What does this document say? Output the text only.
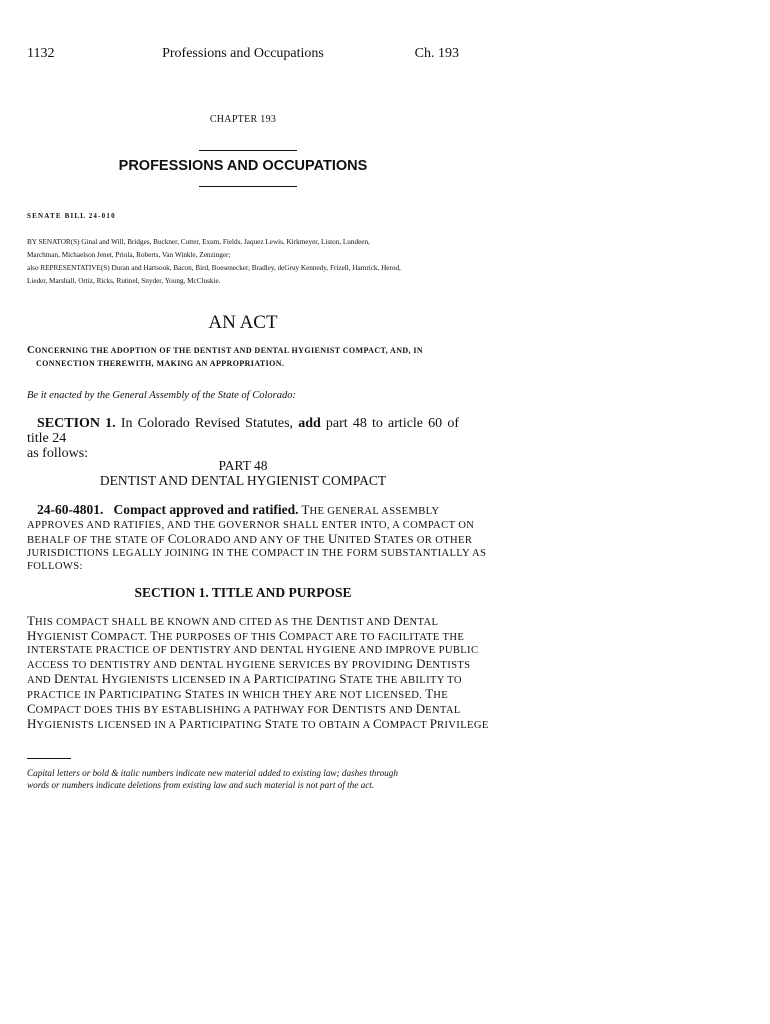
1132	Professions and Occupations	Ch. 193
CHAPTER 193
PROFESSIONS AND OCCUPATIONS
SENATE BILL 24-010
BY SENATOR(S) Ginal and Will, Bridges, Buckner, Cutter, Exum, Fields, Jaquez Lewis, Kirkmeyer, Liston, Lundeen,
Marchman, Michaelson Jenet, Priola, Roberts, Van Winkle, Zenzinger;
also REPRESENTATIVE(S) Duran and Hartsook, Bacon, Bird, Boesenecker, Bradley, deGruy Kennedy, Frizell, Hamrick, Herod,
Lieder, Marshall, Ortiz, Ricks, Rutinel, Snyder, Young, McCluskie.
AN ACT
CONCERNING THE ADOPTION OF THE DENTIST AND DENTAL HYGIENIST COMPACT, AND, IN
CONNECTION THEREWITH, MAKING AN APPROPRIATION.
Be it enacted by the General Assembly of the State of Colorado:
SECTION 1. In Colorado Revised Statutes, add part 48 to article 60 of title 24
as follows:
PART 48
DENTIST AND DENTAL HYGIENIST COMPACT
24-60-4801. Compact approved and ratified. THE GENERAL ASSEMBLY
APPROVES AND RATIFIES, AND THE GOVERNOR SHALL ENTER INTO, A COMPACT ON
BEHALF OF THE STATE OF COLORADO AND ANY OF THE UNITED STATES OR OTHER
JURISDICTIONS LEGALLY JOINING IN THE COMPACT IN THE FORM SUBSTANTIALLY AS
FOLLOWS:
SECTION 1. TITLE AND PURPOSE
THIS COMPACT SHALL BE KNOWN AND CITED AS THE DENTIST AND DENTAL
HYGIENIST COMPACT. THE PURPOSES OF THIS COMPACT ARE TO FACILITATE THE
INTERSTATE PRACTICE OF DENTISTRY AND DENTAL HYGIENE AND IMPROVE PUBLIC
ACCESS TO DENTISTRY AND DENTAL HYGIENE SERVICES BY PROVIDING DENTISTS
AND DENTAL HYGIENISTS LICENSED IN A PARTICIPATING STATE THE ABILITY TO
PRACTICE IN PARTICIPATING STATES IN WHICH THEY ARE NOT LICENSED. THE
COMPACT DOES THIS BY ESTABLISHING A PATHWAY FOR DENTISTS AND DENTAL
HYGIENISTS LICENSED IN A PARTICIPATING STATE TO OBTAIN A COMPACT PRIVILEGE
Capital letters or bold & italic numbers indicate new material added to existing law; dashes through
words or numbers indicate deletions from existing law and such material is not part of the act.
